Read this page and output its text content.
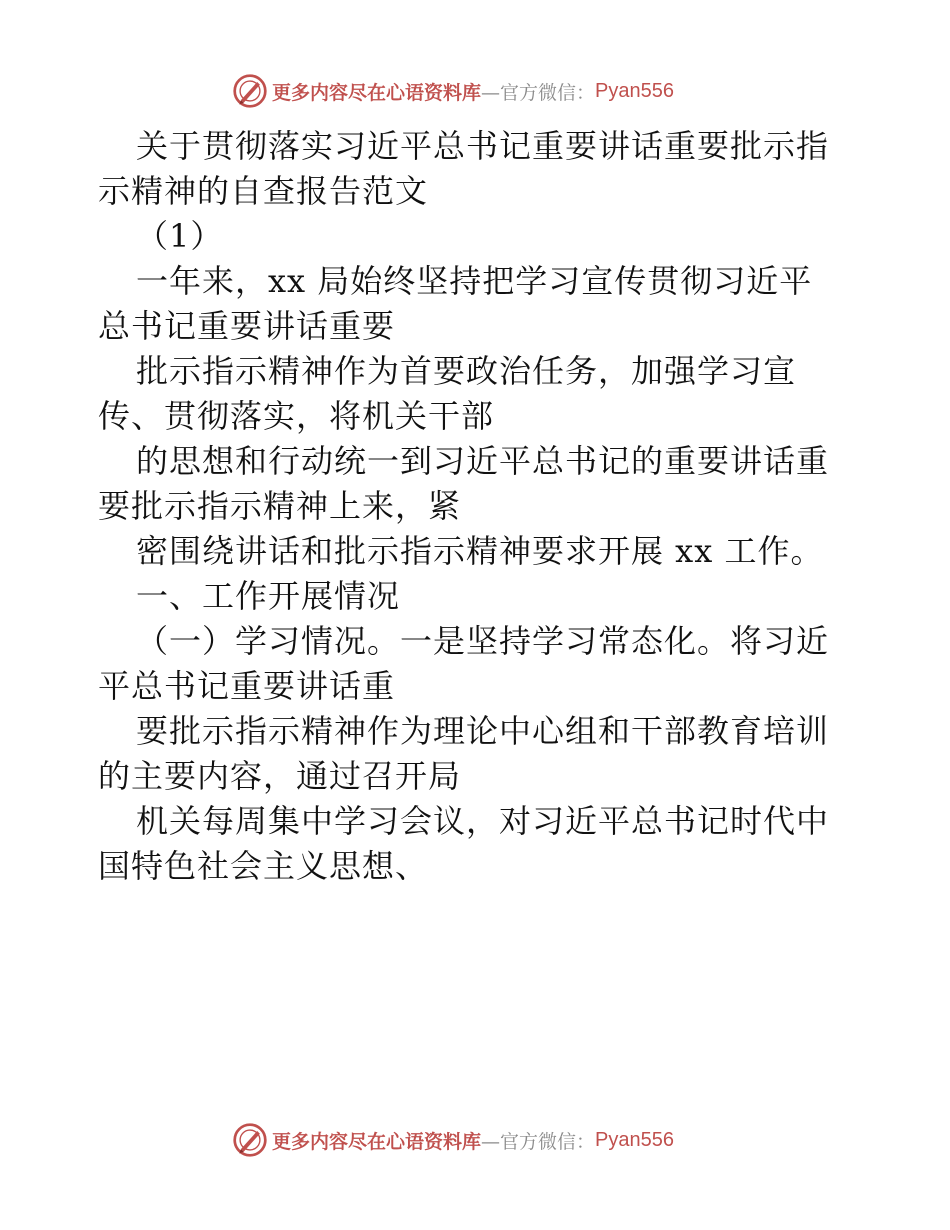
更多内容尽在心语资料库 —官方微信： Pyan556
关于贯彻落实习近平总书记重要讲话重要批示指
示精神的自查报告范文
（1）
一年来，xx 局始终坚持把学习宣传贯彻习近平
总书记重要讲话重要
批示指示精神作为首要政治任务，加强学习宣
传、贯彻落实，将机关干部
的思想和行动统一到习近平总书记的重要讲话重
要批示指示精神上来，紧
密围绕讲话和批示指示精神要求开展 xx 工作。
一、工作开展情况
（一）学习情况。一是坚持学习常态化。将习近
平总书记重要讲话重
要批示指示精神作为理论中心组和干部教育培训
的主要内容，通过召开局
机关每周集中学习会议，对习近平总书记时代中
国特色社会主义思想、
更多内容尽在心语资料库 —官方微信： Pyan556
